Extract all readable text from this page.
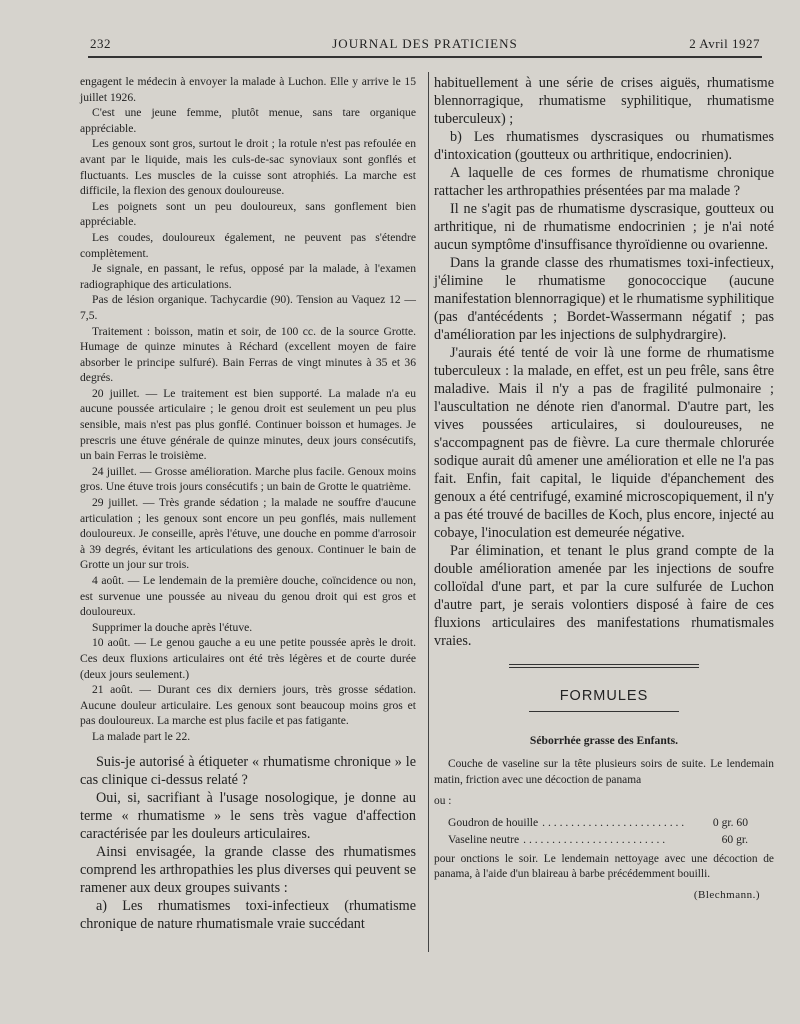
232	JOURNAL DES PRATICIENS	2 Avril 1927

engagent le médecin à envoyer la malade à Luchon. Elle y arrive le 15 juillet 1926.

C'est une jeune femme, plutôt menue, sans tare organique appréciable.

Les genoux sont gros, surtout le droit ; la rotule n'est pas refoulée en avant par le liquide, mais les culs-de-sac synoviaux sont gonflés et fluctuants. Les muscles de la cuisse sont atrophiés. La marche est difficile, la flexion des genoux douloureuse.

Les poignets sont un peu douloureux, sans gonflement bien appréciable.

Les coudes, douloureux également, ne peuvent pas s'étendre complètement.

Je signale, en passant, le refus, opposé par la malade, à l'examen radiographique des articulations.

Pas de lésion organique. Tachycardie (90). Tension au Vaquez 12 — 7,5.

Traitement : boisson, matin et soir, de 100 cc. de la source Grotte. Humage de quinze minutes à Réchard (excellent moyen de faire absorber le principe sulfuré). Bain Ferras de vingt minutes à 35 et 36 degrés.

20 juillet. — Le traitement est bien supporté. La malade n'a eu aucune poussée articulaire ; le genou droit est seulement un peu plus sensible, mais n'est pas plus gonflé. Continuer boisson et humages. Je prescris une étuve générale de quinze minutes, deux jours consécutifs, un bain Ferras le troisième.

24 juillet. — Grosse amélioration. Marche plus facile. Genoux moins gros. Une étuve trois jours consécutifs ; un bain de Grotte le quatrième.

29 juillet. — Très grande sédation ; la malade ne souffre d'aucune articulation ; les genoux sont encore un peu gonflés, mais nullement douloureux. Je conseille, après l'étuve, une douche en pomme d'arrosoir à 39 degrés, évitant les articulations des genoux. Continuer le bain de Grotte un jour sur trois.

4 août. — Le lendemain de la première douche, coïncidence ou non, est survenue une poussée au niveau du genou droit qui est gros et douloureux.

Supprimer la douche après l'étuve.

10 août. — Le genou gauche a eu une petite poussée après le droit. Ces deux fluxions articulaires ont été très légères et de courte durée (deux jours seulement.)

21 août. — Durant ces dix derniers jours, très grosse sédation. Aucune douleur articulaire. Les genoux sont beaucoup moins gros et pas douloureux. La marche est plus facile et pas fatigante.

La malade part le 22.

Suis-je autorisé à étiqueter « rhumatisme chronique » le cas clinique ci-dessus relaté ?

Oui, si, sacrifiant à l'usage nosologique, je donne au terme « rhumatisme » le sens très vague d'affection caractérisée par les douleurs articulaires.

Ainsi envisagée, la grande classe des rhumatismes comprend les arthropathies les plus diverses qui peuvent se ramener aux deux groupes suivants :

a) Les rhumatismes toxi-infectieux (rhumatisme chronique de nature rhumatismale vraie succédant

habituellement à une série de crises aiguës, rhumatisme blennorragique, rhumatisme syphilitique, rhumatisme tuberculeux) ;

b) Les rhumatismes dyscrasiques ou rhumatismes d'intoxication (goutteux ou arthritique, endocrinien).

A laquelle de ces formes de rhumatisme chronique rattacher les arthropathies présentées par ma malade ?

Il ne s'agit pas de rhumatisme dyscrasique, goutteux ou arthritique, ni de rhumatisme endocrinien ; je n'ai noté aucun symptôme d'insuffisance thyroïdienne ou ovarienne.

Dans la grande classe des rhumatismes toxi-infectieux, j'élimine le rhumatisme gonococcique (aucune manifestation blennorragique) et le rhumatisme syphilitique (pas d'antécédents ; Bordet-Wassermann négatif ; pas d'amélioration par les injections de sulphydrargire).

J'aurais été tenté de voir là une forme de rhumatisme tuberculeux : la malade, en effet, est un peu frêle, sans être maladive. Mais il n'y a pas de fragilité pulmonaire ; l'auscultation ne dénote rien d'anormal. D'autre part, les vives poussées articulaires, si douloureuses, ne s'accompagnent pas de fièvre. La cure thermale chlorurée sodique aurait dû amener une amélioration et elle ne l'a pas fait. Enfin, fait capital, le liquide d'épanchement des genoux a été centrifugé, examiné microscopiquement, il n'y a pas été trouvé de bacilles de Koch, plus encore, injecté au cobaye, l'inoculation est demeurée négative.

Par élimination, et tenant le plus grand compte de la double amélioration amenée par les injections de soufre colloïdal d'une part, et par la cure sulfurée de Luchon d'autre part, je serais volontiers disposé à faire de ces fluxions articulaires des manifestations rhumatismales vraies.

FORMULES
Séborrhée grasse des Enfants.

Couche de vaseline sur la tête plusieurs soirs de suite. Le lendemain matin, friction avec une décoction de panama

ou :

Goudron de houille . . . . . . . . . . . . . . . . . . . . . . . . .	0 gr. 60
Vaseline neutre . . . . . . . . . . . . . . . . . . . . . . . . .	60 gr.

pour onctions le soir. Le lendemain nettoyage avec une décoction de panama, à l'aide d'un blaireau à barbe précédemment bouilli.

(Blechmann.)
